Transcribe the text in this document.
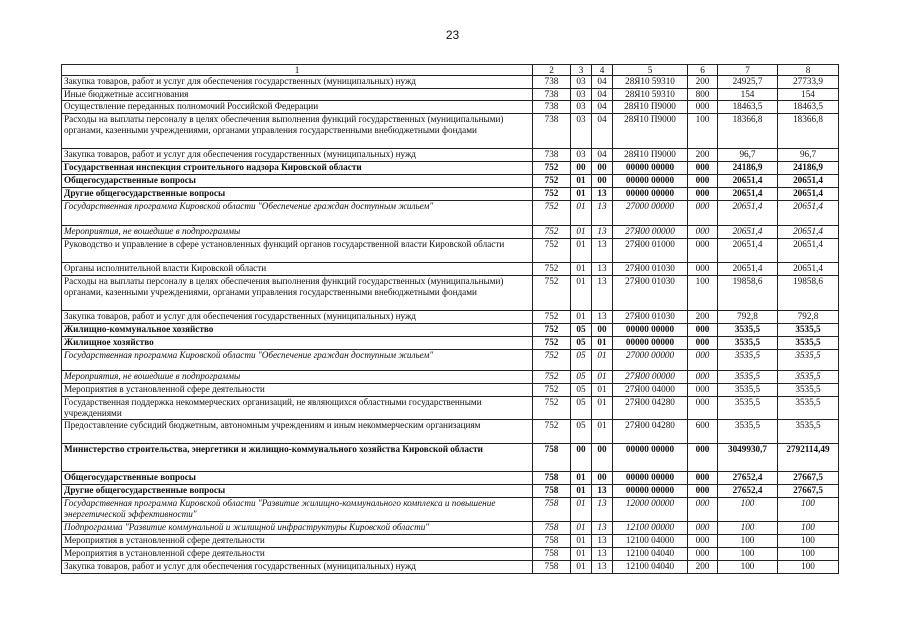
23
1	2	3	4	5	6	7	8
Закупка товаров, работ и услуг для обеспечения государственных (муниципальных) нужд	738	03	04	28Я10 59310	200	24925,7	27733,9
Иные бюджетные ассигнования	738	03	04	28Я10 59310	800	154	154
Осуществление переданных полномочий Российской Федерации	738	03	04	28Я10 П9000	000	18463,5	18463,5
Расходы на выплаты персоналу в целях обеспечения выполнения функций государственных (муниципальными) органами, казенными учреждениями, органами управления государственными внебюджетными фондами	738	03	04	28Я10 П9000	100	18366,8	18366,8
Закупка товаров, работ и услуг для обеспечения государственных (муниципальных) нужд	738	03	04	28Я10 П9000	200	96,7	96,7
Государственная инспекция строительного надзора Кировской области	752	00	00	00000 00000	000	24186,9	24186,9
Общегосударственные вопросы	752	01	00	00000 00000	000	20651,4	20651,4
Другие общегосударственные вопросы	752	01	13	00000 00000	000	20651,4	20651,4
Государственная программа Кировской области "Обеспечение граждан доступным жильем"	752	01	13	27000 00000	000	20651,4	20651,4
Мероприятия, не вошедшие в подпрограммы	752	01	13	27Я00 00000	000	20651,4	20651,4
Руководство и управление в сфере установленных функций органов государственной власти Кировской области	752	01	13	27Я00 01000	000	20651,4	20651,4
Органы исполнительной власти Кировской области	752	01	13	27Я00 01030	000	20651,4	20651,4
Расходы на выплаты персоналу в целях обеспечения выполнения функций государственных (муниципальными) органами, казенными учреждениями, органами управления государственными внебюджетными фондами	752	01	13	27Я00 01030	100	19858,6	19858,6
Закупка товаров, работ и услуг для обеспечения государственных (муниципальных) нужд	752	01	13	27Я00 01030	200	792,8	792,8
Жилищно-коммунальное хозяйство	752	05	00	00000 00000	000	3535,5	3535,5
Жилищное хозяйство	752	05	01	00000 00000	000	3535,5	3535,5
Государственная программа Кировской области "Обеспечение граждан доступным жильем"	752	05	01	27000 00000	000	3535,5	3535,5
Мероприятия, не вошедшие в подпрограммы	752	05	01	27Я00 00000	000	3535,5	3535,5
Мероприятия в установленной сфере деятельности	752	05	01	27Я00 04000	000	3535,5	3535,5
Государственная поддержка некоммерческих организаций, не являющихся областными государственными учреждениями	752	05	01	27Я00 04280	000	3535,5	3535,5
Предоставление субсидий бюджетным, автономным учреждениям и иным некоммерческим организациям	752	05	01	27Я00 04280	600	3535,5	3535,5
Министерство строительства, энергетики и жилищно-коммунального хозяйства Кировской области	758	00	00	00000 00000	000	3049930,7	2792114,49
Общегосударственные вопросы	758	01	00	00000 00000	000	27652,4	27667,5
Другие общегосударственные вопросы	758	01	13	00000 00000	000	27652,4	27667,5
Государственная программа Кировской области "Развитие жилищно-коммунального комплекса и повышение энергетической эффективности"	758	01	13	12000 00000	000	100	100
Подпрограмма "Развитие коммунальной и жилищной инфраструктуры Кировской области"	758	01	13	12100 00000	000	100	100
Мероприятия в установленной сфере деятельности	758	01	13	12100 04000	000	100	100
Мероприятия в установленной сфере деятельности	758	01	13	12100 04040	000	100	100
Закупка товаров, работ и услуг для обеспечения государственных (муниципальных) нужд	758	01	13	12100 04040	200	100	100
